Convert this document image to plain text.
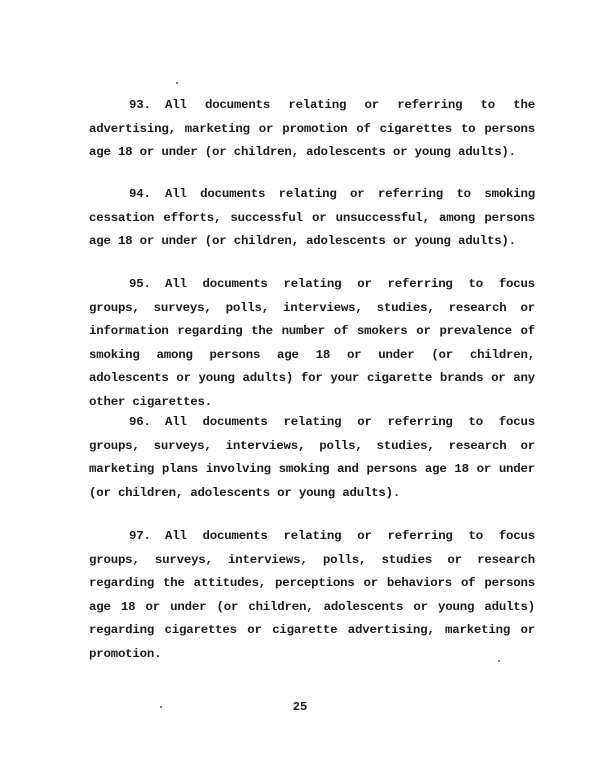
93. All documents relating or referring to the advertising, marketing or promotion of cigarettes to persons age 18 or under (or children, adolescents or young adults).
94. All documents relating or referring to smoking cessation efforts, successful or unsuccessful, among persons age 18 or under (or children, adolescents or young adults).
95. All documents relating or referring to focus groups, surveys, polls, interviews, studies, research or information regarding the number of smokers or prevalence of smoking among persons age 18 or under (or children, adolescents or young adults) for your cigarette brands or any other cigarettes.
96. All documents relating or referring to focus groups, surveys, interviews, polls, studies, research or marketing plans involving smoking and persons age 18 or under (or children, adolescents or young adults).
97. All documents relating or referring to focus groups, surveys, interviews, polls, studies or research regarding the attitudes, perceptions or behaviors of persons age 18 or under (or children, adolescents or young adults) regarding cigarettes or cigarette advertising, marketing or promotion.
25
